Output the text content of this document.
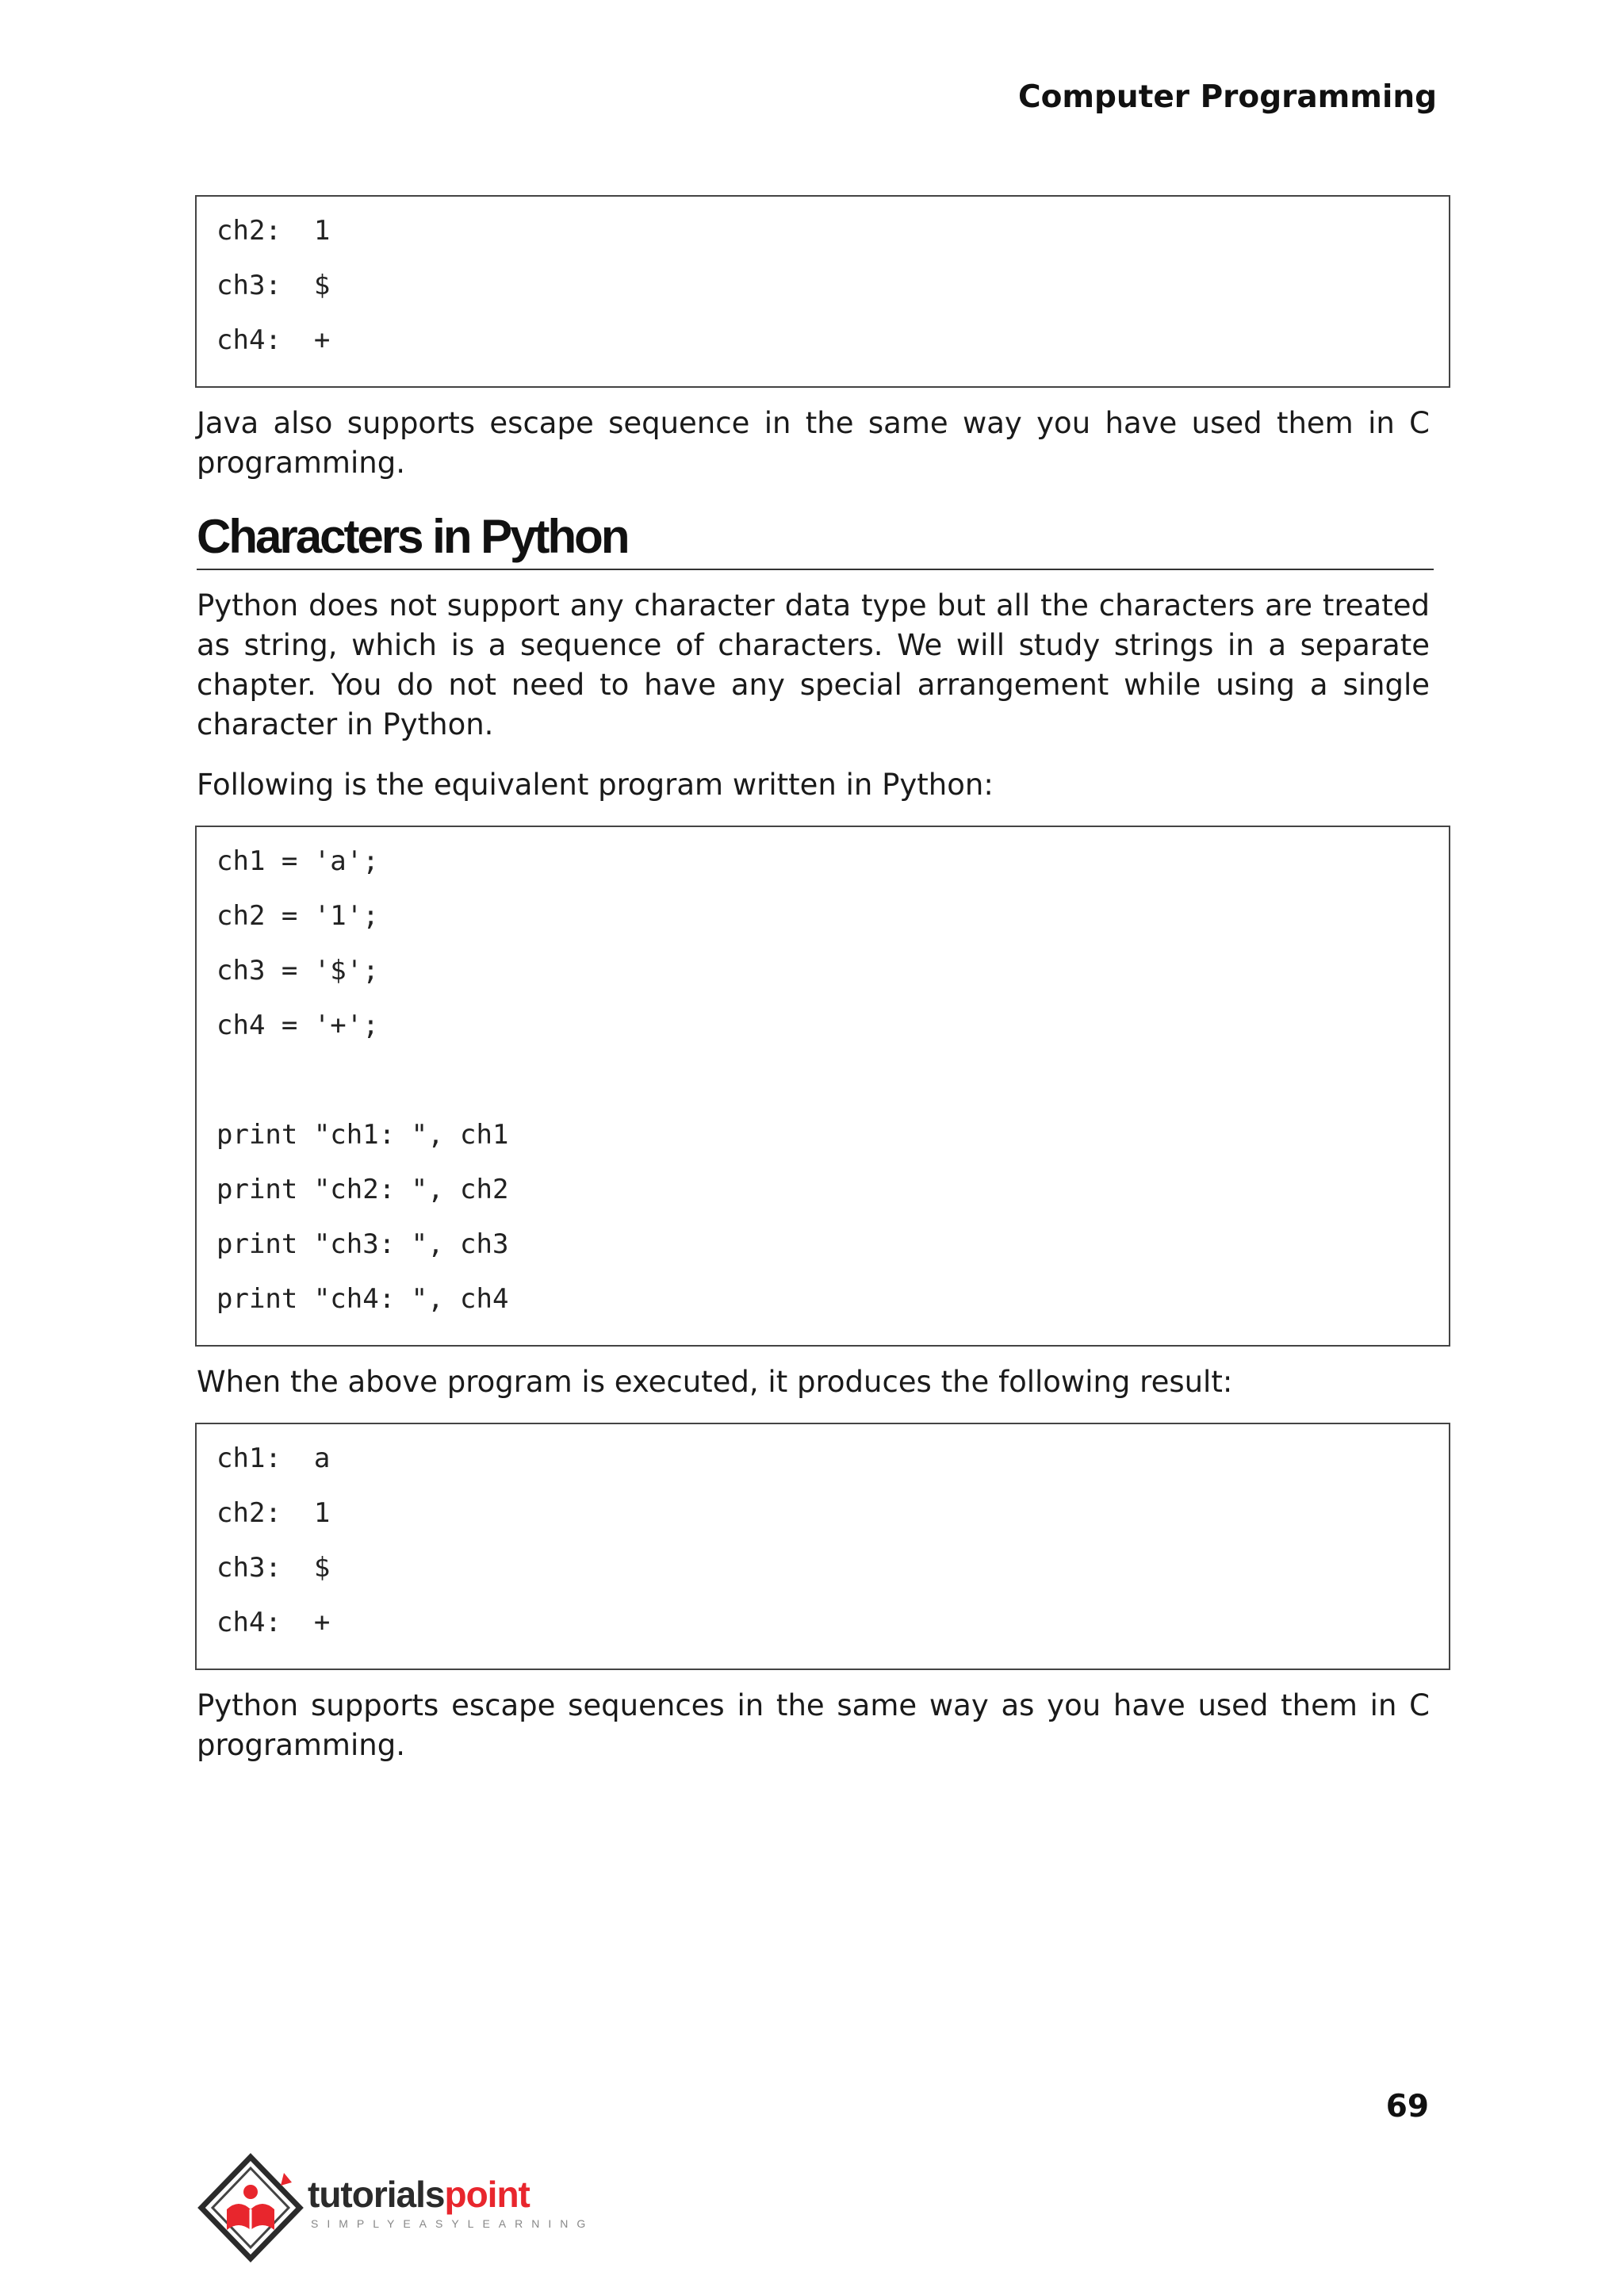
Computer Programming
ch2:  1
ch3:  $
ch4:  +

Java also supports escape sequence in the same way you have used them in C programming.

Characters in Python

Python does not support any character data type but all the characters are treated as string, which is a sequence of characters. We will study strings in a separate chapter. You do not need to have any special arrangement while using a single character in Python.

Following is the equivalent program written in Python:

ch1 = 'a';
ch2 = '1';
ch3 = '$';
ch4 = '+';
print "ch1: ", ch1
print "ch2: ", ch2
print "ch3: ", ch3
print "ch4: ", ch4

When the above program is executed, it produces the following result:

ch1:  a
ch2:  1
ch3:  $
ch4:  +

Python supports escape sequences in the same way as you have used them in C programming.

69
tutorialspoint
SIMPLYEASYLEARNING
